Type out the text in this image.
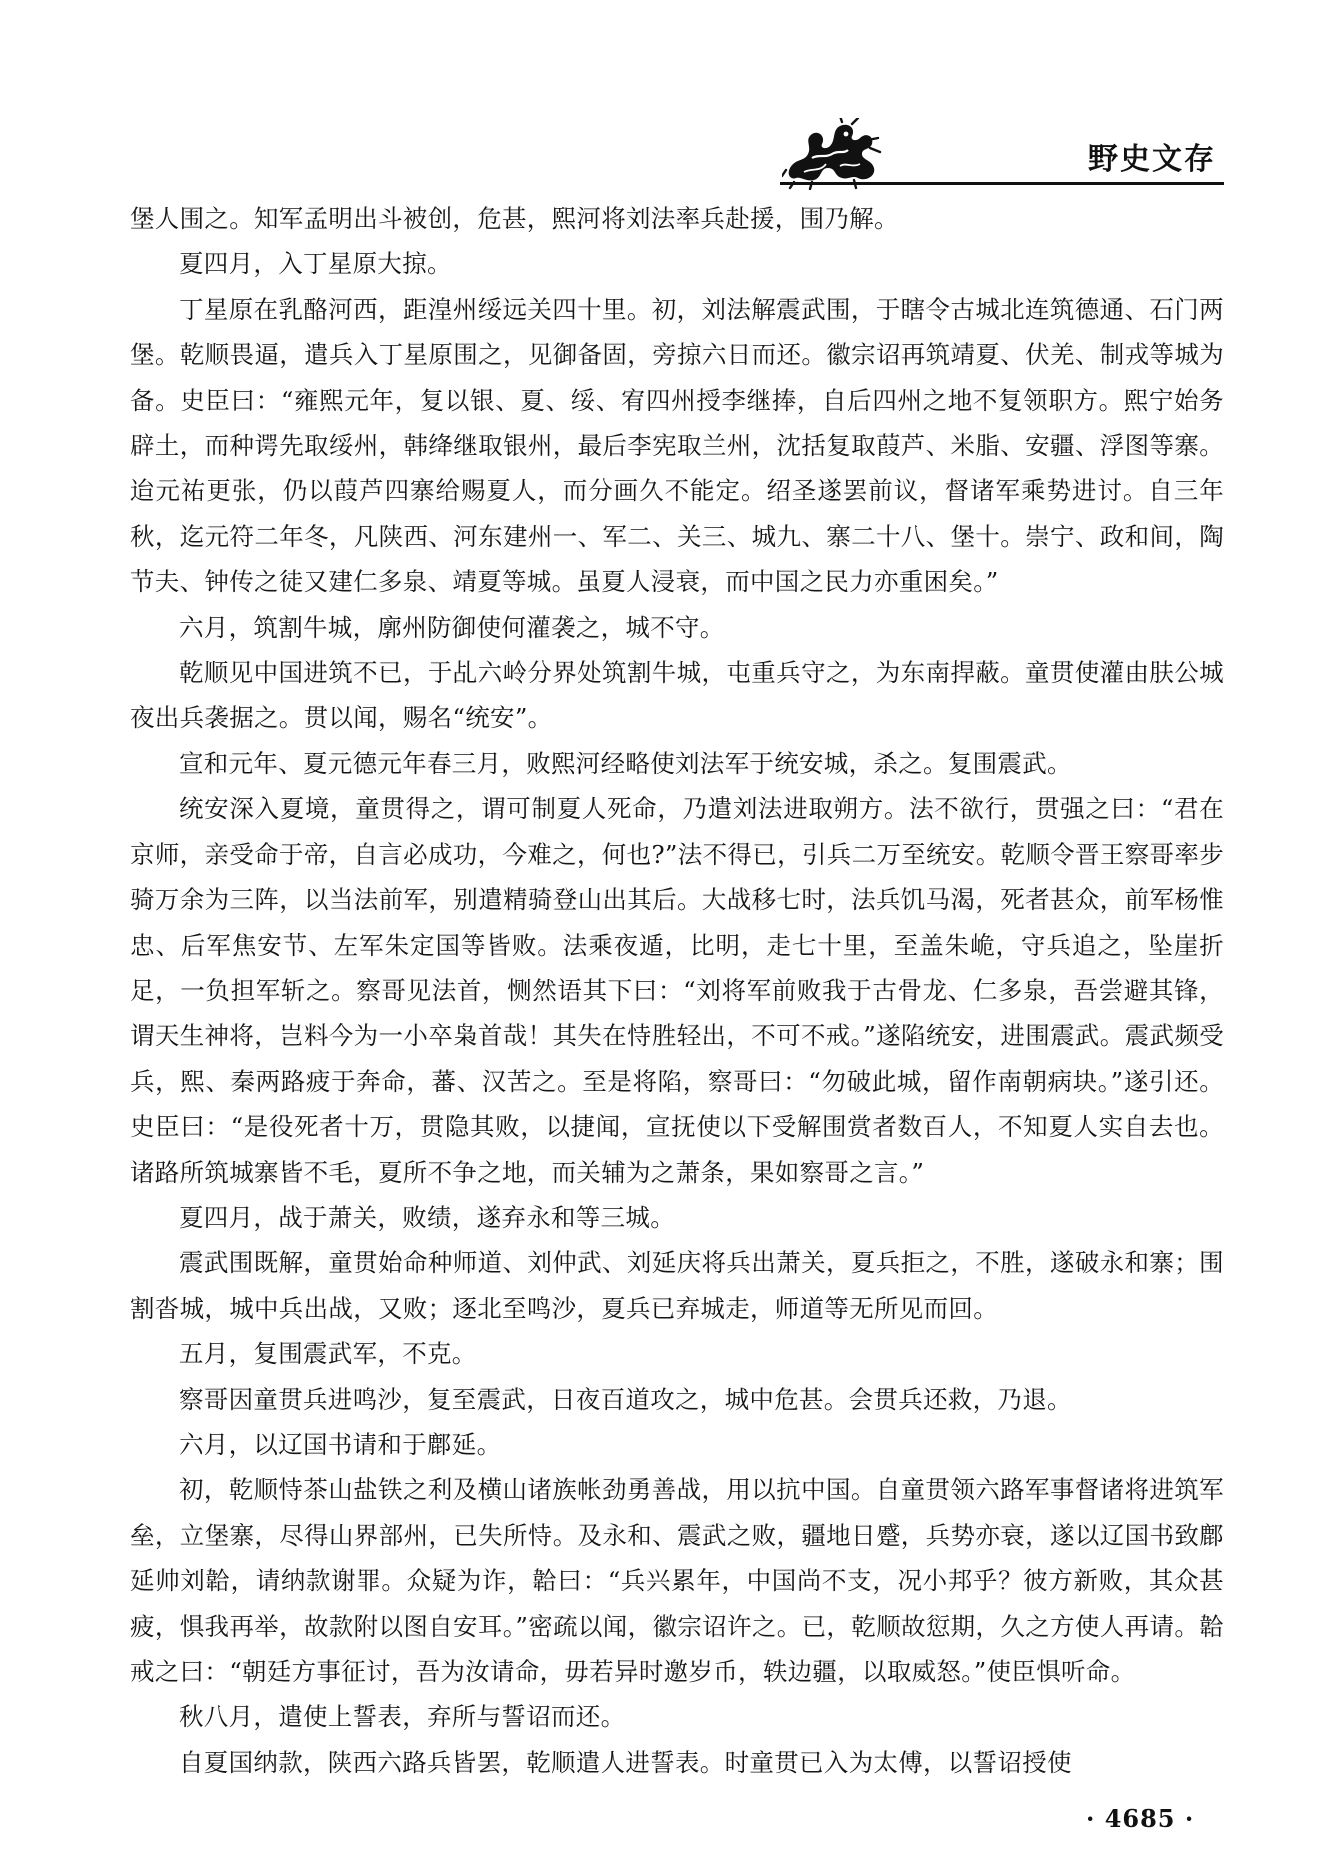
野史文存

堡人围之。知军孟明出斗被创，危甚，熙河将刘法率兵赴援，围乃解。

夏四月，入丁星原大掠。

丁星原在乳酪河西，距湟州绥远关四十里。初，刘法解震武围，于瞎令古城北连筑德通、石门两堡。乾顺畏逼，遣兵入丁星原围之，见御备固，旁掠六日而还。徽宗诏再筑靖夏、伏羌、制戎等城为备。史臣曰：“雍熙元年，复以银、夏、绥、宥四州授李继捧，自后四州之地不复领职方。熙宁始务辟土，而种谔先取绥州，韩绛继取银州，最后李宪取兰州，沈括复取葭芦、米脂、安疆、浮图等寨。迨元祐更张，仍以葭芦四寨给赐夏人，而分画久不能定。绍圣遂罢前议，督诸军乘势进讨。自三年秋，迄元符二年冬，凡陕西、河东建州一、军二、关三、城九、寨二十八、堡十。崇宁、政和间，陶节夫、钟传之徒又建仁多泉、靖夏等城。虽夏人浸衰，而中国之民力亦重困矣。”

六月，筑割牛城，廓州防御使何灌袭之，城不守。

乾顺见中国进筑不已，于乩六岭分界处筑割牛城，屯重兵守之，为东南捍蔽。童贯使灌由肤公城夜出兵袭据之。贯以闻，赐名“统安”。

宣和元年、夏元德元年春三月，败熙河经略使刘法军于统安城，杀之。复围震武。

统安深入夏境，童贯得之，谓可制夏人死命，乃遣刘法进取朔方。法不欲行，贯强之曰：“君在京师，亲受命于帝，自言必成功，今难之，何也?”法不得已，引兵二万至统安。乾顺令晋王察哥率步骑万余为三阵，以当法前军，别遣精骑登山出其后。大战移七时，法兵饥马渴，死者甚众，前军杨惟忠、后军焦安节、左军朱定国等皆败。法乘夜遁，比明，走七十里，至盖朱峗，守兵追之，坠崖折足，一负担军斩之。察哥见法首，恻然语其下曰：“刘将军前败我于古骨龙、仁多泉，吾尝避其锋，谓天生神将，岂料今为一小卒枭首哉！其失在恃胜轻出，不可不戒。”遂陷统安，进围震武。震武频受兵，熙、秦两路疲于奔命，蕃、汉苦之。至是将陷，察哥曰：“勿破此城，留作南朝病块。”遂引还。史臣曰：“是役死者十万，贯隐其败，以捷闻，宣抚使以下受解围赏者数百人，不知夏人实自去也。诸路所筑城寨皆不毛，夏所不争之地，而关辅为之萧条，果如察哥之言。”

夏四月，战于萧关，败绩，遂弃永和等三城。

震武围既解，童贯始命种师道、刘仲武、刘延庆将兵出萧关，夏兵拒之，不胜，遂破永和寨；围割沓城，城中兵出战，又败；逐北至鸣沙，夏兵已弃城走，师道等无所见而回。

五月，复围震武军，不克。

察哥因童贯兵进鸣沙，复至震武，日夜百道攻之，城中危甚。会贯兵还救，乃退。

六月，以辽国书请和于鄜延。

初，乾顺恃茶山盐铁之利及横山诸族帐劲勇善战，用以抗中国。自童贯领六路军事督诸将进筑军垒，立堡寨，尽得山界部州，已失所恃。及永和、震武之败，疆地日蹙，兵势亦衰，遂以辽国书致鄜延帅刘韐，请纳款谢罪。众疑为诈，韐曰：“兵兴累年，中国尚不支，况小邦乎？彼方新败，其众甚疲，惧我再举，故款附以图自安耳。”密疏以闻，徽宗诏许之。已，乾顺故愆期，久之方使人再请。韐戒之曰：“朝廷方事征讨，吾为汝请命，毋若异时邀岁币，轶边疆，以取威怒。”使臣惧听命。

秋八月，遣使上誓表，弃所与誓诏而还。

自夏国纳款，陕西六路兵皆罢，乾顺遣人进誓表。时童贯已入为太傅，以誓诏授使

· 4685 ·
